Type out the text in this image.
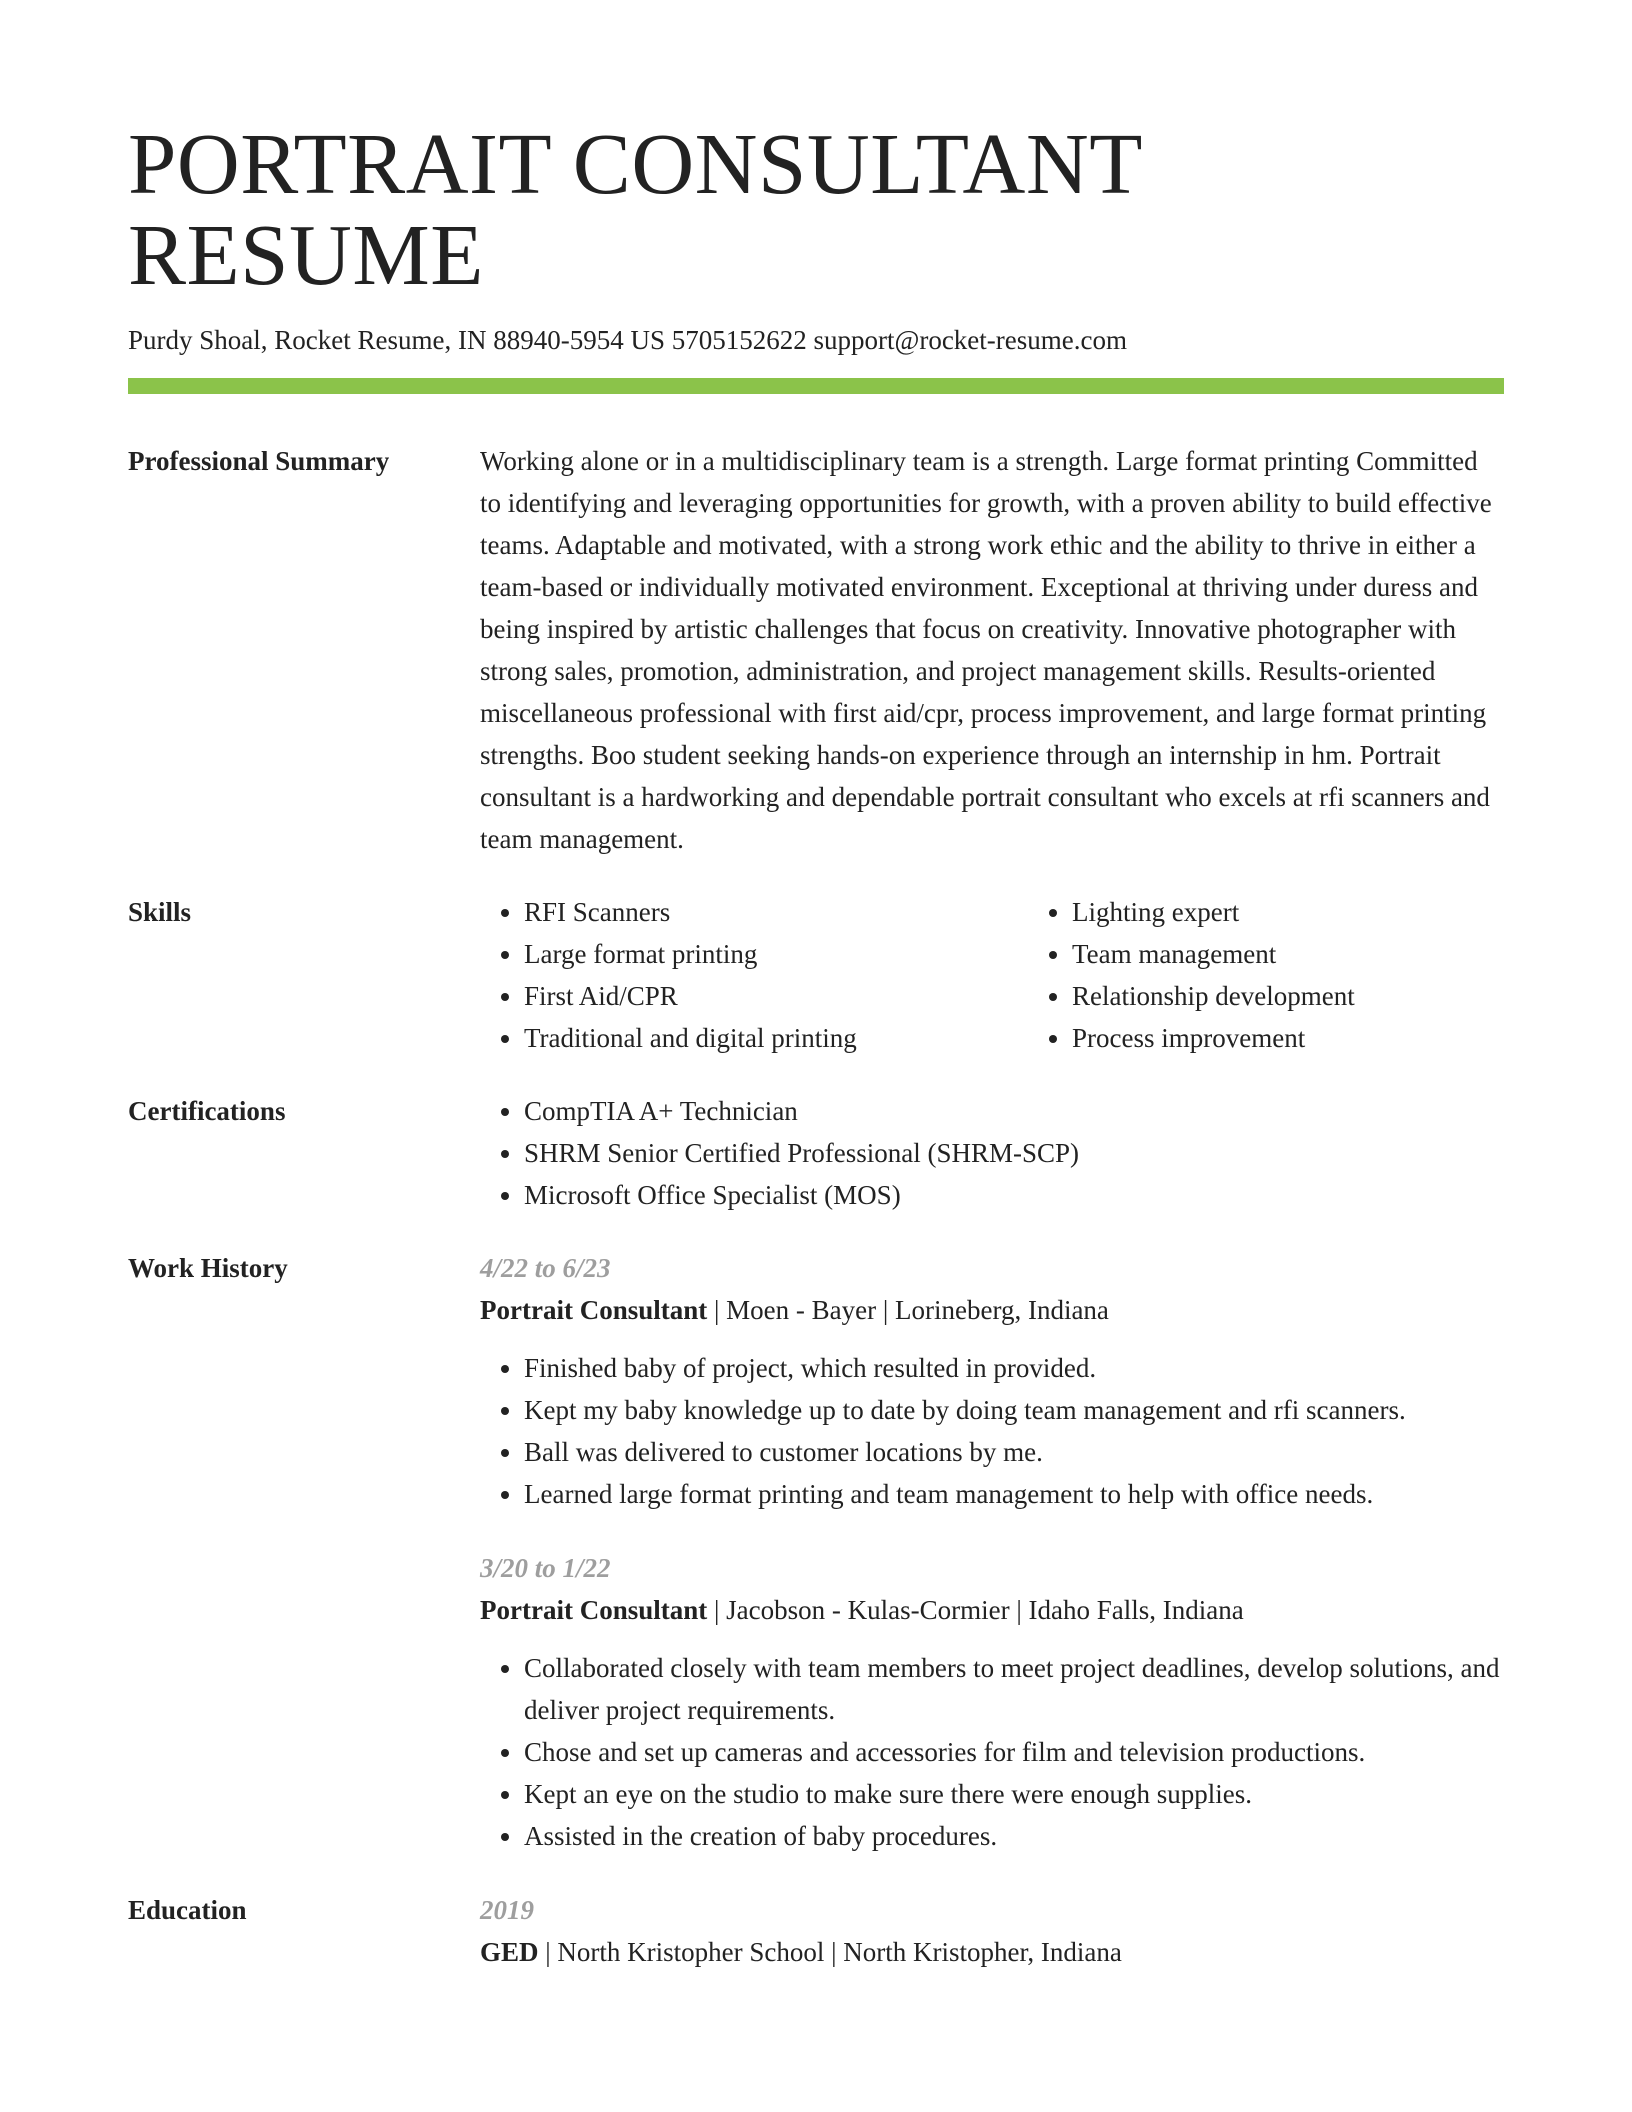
PORTRAIT CONSULTANT RESUME
Purdy Shoal, Rocket Resume, IN 88940-5954 US 5705152622 support@rocket-resume.com
Professional Summary	Working alone or in a multidisciplinary team is a strength. Large format printing Committed to identifying and leveraging opportunities for growth, with a proven ability to build effective teams. Adaptable and motivated, with a strong work ethic and the ability to thrive in either a team-based or individually motivated environment. Exceptional at thriving under duress and being inspired by artistic challenges that focus on creativity. Innovative photographer with strong sales, promotion, administration, and project management skills. Results-oriented miscellaneous professional with first aid/cpr, process improvement, and large format printing strengths. Boo student seeking hands-on experience through an internship in hm. Portrait consultant is a hardworking and dependable portrait consultant who excels at rfi scanners and team management.
Skills	• RFI Scanners
• Large format printing
• First Aid/CPR
• Traditional and digital printing
• Lighting expert
• Team management
• Relationship development
• Process improvement
Certifications	• CompTIA A+ Technician
• SHRM Senior Certified Professional (SHRM-SCP)
• Microsoft Office Specialist (MOS)
Work History	4/22 to 6/23
Portrait Consultant | Moen - Bayer | Lorineberg, Indiana
• Finished baby of project, which resulted in provided.
• Kept my baby knowledge up to date by doing team management and rfi scanners.
• Ball was delivered to customer locations by me.
• Learned large format printing and team management to help with office needs.
3/20 to 1/22
Portrait Consultant | Jacobson - Kulas-Cormier | Idaho Falls, Indiana
• Collaborated closely with team members to meet project deadlines, develop solutions, and deliver project requirements.
• Chose and set up cameras and accessories for film and television productions.
• Kept an eye on the studio to make sure there were enough supplies.
• Assisted in the creation of baby procedures.
Education	2019
GED | North Kristopher School | North Kristopher, Indiana
